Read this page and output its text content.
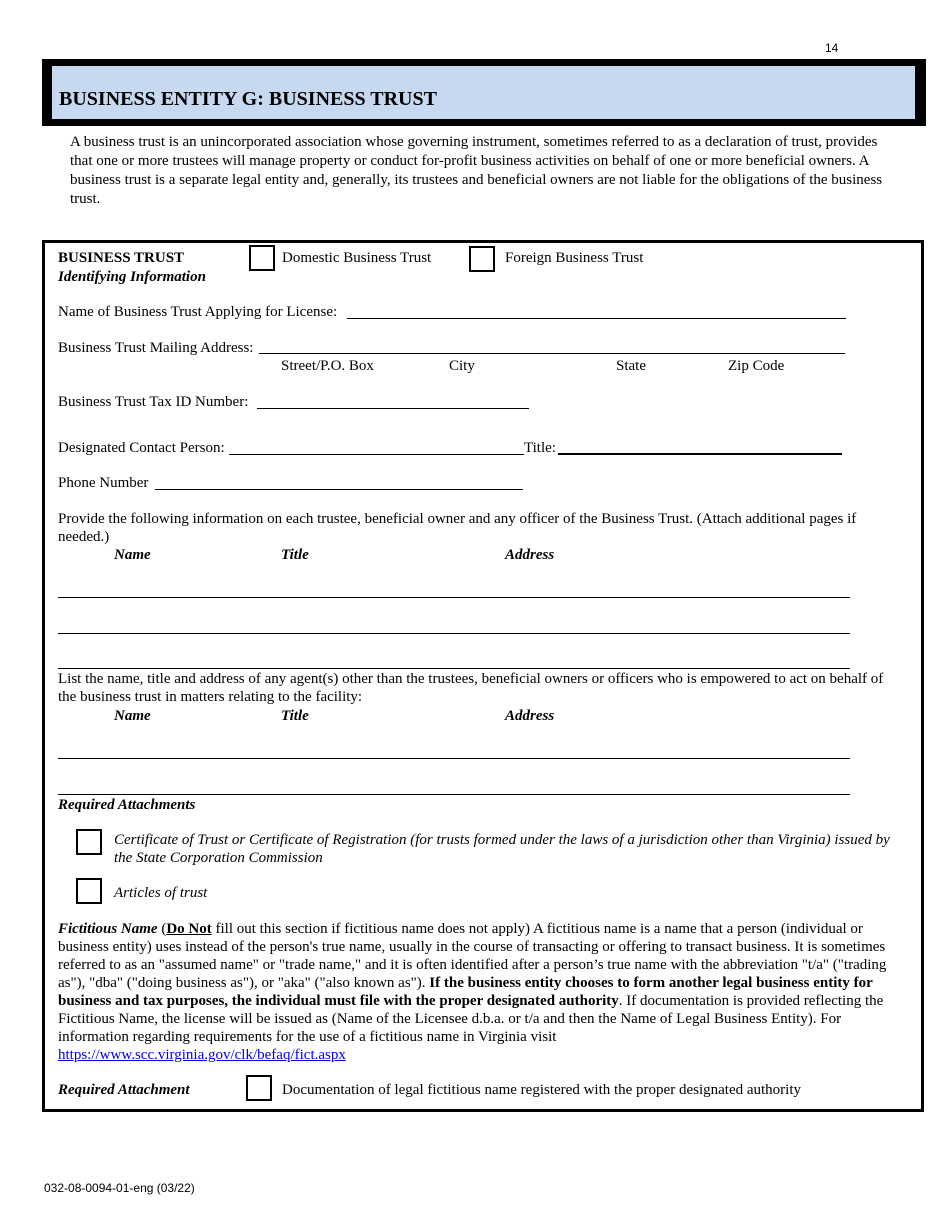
14
BUSINESS ENTITY G: BUSINESS TRUST
A business trust is an unincorporated association whose governing instrument, sometimes referred to as a declaration of trust, provides that one or more trustees will manage property or conduct for-profit business activities on behalf of one or more beneficial owners. A business trust is a separate legal entity and, generally, its trustees and beneficial owners are not liable for the obligations of the business trust.
BUSINESS TRUST
Identifying Information
Domestic Business Trust	Foreign Business Trust
Name of Business Trust Applying for License:
Business Trust Mailing Address:
Street/P.O. Box	City	State	Zip Code
Business Trust Tax ID Number:
Designated Contact Person:	Title:
Phone Number
Provide the following information on each trustee, beneficial owner and any officer of the Business Trust. (Attach additional pages if needed.)
Name	Title	Address
List the name, title and address of any agent(s) other than the trustees, beneficial owners or officers who is empowered to act on behalf of the business trust in matters relating to the facility:
Name	Title	Address
Required Attachments
Certificate of Trust or Certificate of Registration (for trusts formed under the laws of a jurisdiction other than Virginia) issued by the State Corporation Commission
Articles of trust
Fictitious Name (Do Not fill out this section if fictitious name does not apply) A fictitious name is a name that a person (individual or business entity) uses instead of the person's true name, usually in the course of transacting or offering to transact business. It is sometimes referred to as an "assumed name" or "trade name," and it is often identified after a person’s true name with the abbreviation "t/a" ("trading as"), "dba" ("doing business as"), or "aka" ("also known as"). If the business entity chooses to form another legal business entity for business and tax purposes, the individual must file with the proper designated authority. If documentation is provided reflecting the Fictitious Name, the license will be issued as (Name of the Licensee d.b.a. or t/a and then the Name of Legal Business Entity). For information regarding requirements for the use of a fictitious name in Virginia visit
https://www.scc.virginia.gov/clk/befaq/fict.aspx
Required Attachment	Documentation of legal fictitious name registered with the proper designated authority
032-08-0094-01-eng (03/22)
